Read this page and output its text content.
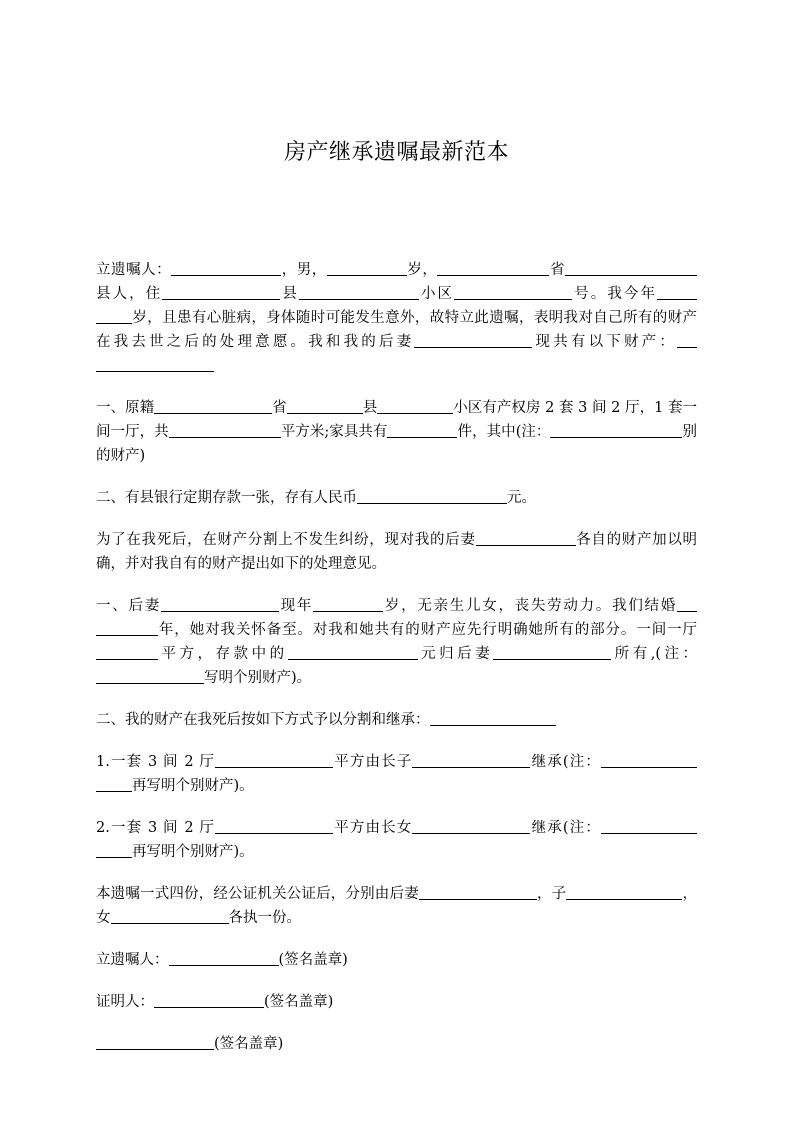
房产继承遗嘱最新范本

立遗嘱人：	，男，	岁，	省县人，住	县	小区	号。我今年岁，且患有心脏病，身体随时可能发生意外，故特立此遗嘱，表明我对自己所有的财产在我去世之后的处理意愿。我和我的后妻	现共有以下财产：

一、原籍	省	县	小区有产权房 2 套 3 间 2 厅，1 套一间一厅，共	平方米;家具共有	件，其中(注：	别的财产)

二、有县银行定期存款一张，存有人民币	元。

为了在我死后，在财产分割上不发生纠纷，现对我的后妻	各自的财产加以明确，并对我自有的财产提出如下的处理意见。

一、后妻	现年	岁，无亲生儿女，丧失劳动力。我们结婚年，她对我关怀备至。对我和她共有的财产应先行明确她所有的部分。一间一厅平方，存款中的	元归后妻	所有,(注：写明个别财产)。

二、我的财产在我死后按如下方式予以分割和继承：

1.一套 3 间 2 厅	平方由长子	继承(注：再写明个别财产)。

2.一套 3 间 2 厅	平方由长女	继承(注：再写明个别财产)。

本遗嘱一式四份，经公证机关公证后，分别由后妻	，子	，女	各执一份。

立遗嘱人：	(签名盖章)

证明人：	(签名盖章)

(签名盖章)
